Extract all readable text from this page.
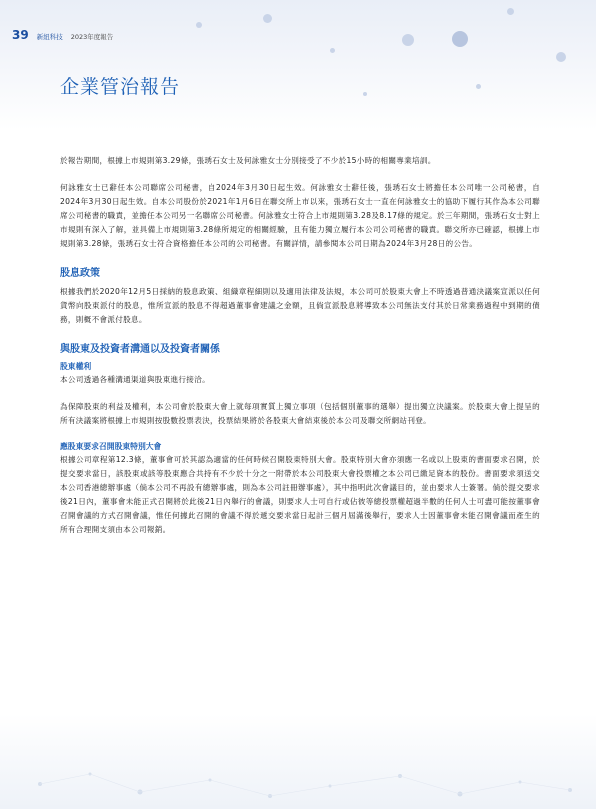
39 新紐科技 2023年度報告
企業管治報告

於報告期間，根據上市規則第3.29條，張琇石女士及何詠雅女士分別接受了不少於15小時的相關專業培訓。

何詠雅女士已辭任本公司聯席公司秘書，自2024年3月30日起生效。何詠雅女士辭任後，張琇石女士將擔任本公司唯一公司秘書，自2024年3月30日起生效。自本公司股份於2021年1月6日在聯交所上市以來，張琇石女士一直在何詠雅女士的協助下履行其作為本公司聯席公司秘書的職責，並擔任本公司另一名聯席公司秘書。何詠雅女士符合上市規則第3.28及8.17條的規定。於三年期間，張琇石女士對上市規則有深入了解，並具備上市規則第3.28條所規定的相關經驗，且有能力獨立履行本公司公司秘書的職責。聯交所亦已確認，根據上市規則第3.28條，張琇石女士符合資格擔任本公司的公司秘書。有關詳情，請參閱本公司日期為2024年3月28日的公告。

股息政策

根據我們於2020年12月5日採納的股息政策、組織章程細則以及適用法律及法規，本公司可於股東大會上不時透過普通決議案宣派以任何貨幣向股東派付的股息，惟所宣派的股息不得超過董事會建議之金額，且倘宣派股息將導致本公司無法支付其於日常業務過程中到期的債務，則概不會派付股息。

與股東及投資者溝通以及投資者關係
股東權利

本公司透過各種溝通渠道與股東進行接洽。

為保障股東的利益及權利，本公司會於股東大會上就每項實質上獨立事項（包括個別董事的選舉）提出獨立決議案。於股東大會上提呈的所有決議案將根據上市規則按股數投票表決，投票結果將於各股東大會結束後於本公司及聯交所網站刊登。

應股東要求召開股東特別大會

根據公司章程第12.3條，董事會可於其認為適當的任何時候召開股東特別大會。股東特別大會亦須應一名或以上股東的書面要求召開，於提交要求當日，該股東或該等股東應合共持有不少於十分之一附帶於本公司股東大會投票權之本公司已繳足資本的股份。書面要求須送交本公司香港總辦事處（倘本公司不再設有總辦事處，則為本公司註冊辦事處），其中指明此次會議目的，並由要求人士簽署。倘於提交要求後21日內，董事會未能正式召開將於此後21日內舉行的會議，則要求人士可自行或佔彼等總投票權超過半數的任何人士可盡可能按董事會召開會議的方式召開會議，惟任何據此召開的會議不得於遞交要求當日起計三個月屆滿後舉行，要求人士因董事會未能召開會議而產生的所有合理開支須由本公司報銷。
